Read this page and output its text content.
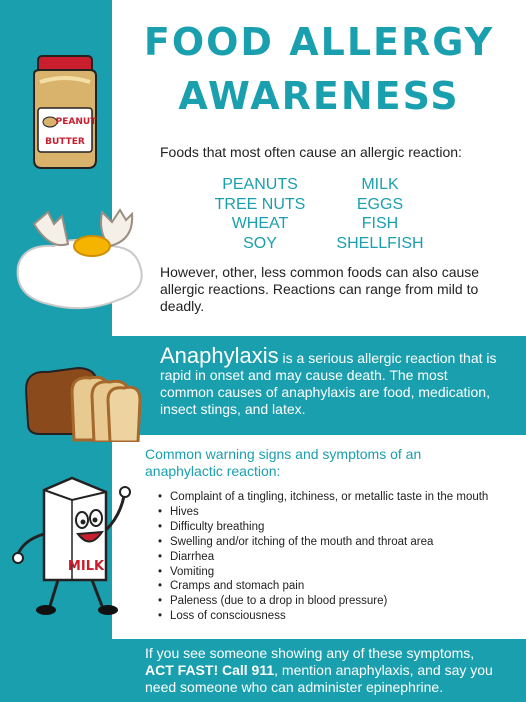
FOOD ALLERGY
AWARENESS
Foods that most often cause an allergic reaction:
PEANUTS
TREE NUTS
WHEAT
SOY
MILK
EGGS
FISH
SHELLFISH
However, other, less common foods can also cause allergic reactions. Reactions can range from mild to deadly.
Anaphylaxis is a serious allergic reaction that is rapid in onset and may cause death. The most common causes of anaphylaxis are food, medication, insect stings, and latex.
Common warning signs and symptoms of an anaphylactic reaction:
• Complaint of a tingling, itchiness, or metallic taste in the mouth
• Hives
• Difficulty breathing
• Swelling and/or itching of the mouth and throat area
• Diarrhea
• Vomiting
• Cramps and stomach pain
• Paleness (due to a drop in blood pressure)
• Loss of consciousness
If you see someone showing any of these symptoms,
ACT FAST! Call 911, mention anaphylaxis, and say you need someone who can administer epinephrine.
PEANUT
BUTTER
MILK
